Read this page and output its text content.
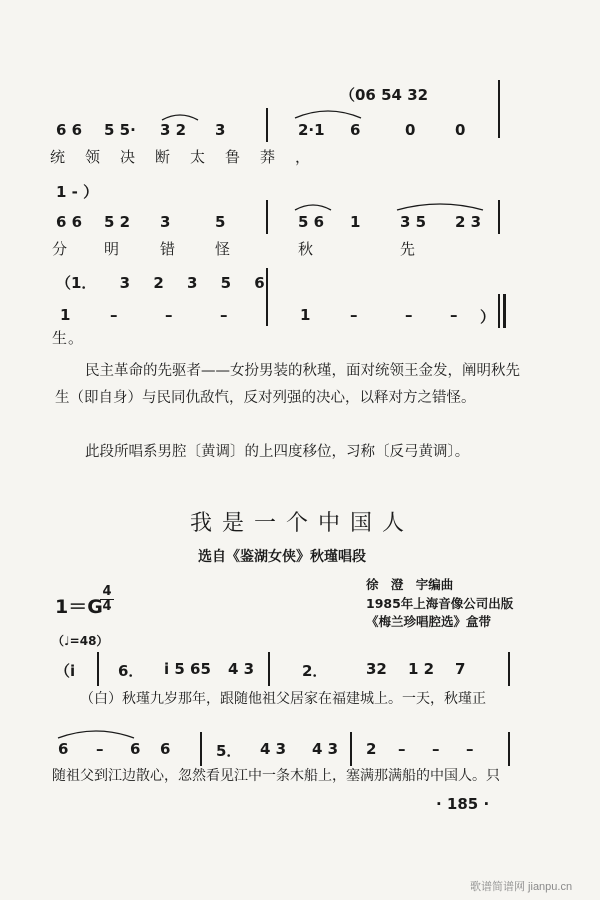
（06 54 32
6 6 5 5· 3 2 3	2·1 6	0	0
统领决断太鲁莽，
1 - ）
6 6 5 2 3	5	5 6 1	3 5 2 3
分 明	错	怪	秋	先
（1． 3 2 3 5 6
1	–	–	–	1	–	–	– ）
生。
民主革命的先驱者——女扮男装的秋瑾，面对统领王金发，阐明秋先生（即自身）与民同仇敌忾，反对列强的决心，以释对方之错怪。
此段所唱系男腔〔黄调〕的上四度移位，习称〔反弓黄调〕。
我是一个中国人
选自《鉴湖女侠》秋瑾唱段
徐 澄 宇编曲
1985年上海音像公司出版
《梅兰珍唱腔选》盒带
1＝G
4
4
（♩=48）
（i	6． i 5 65 4 3	2．	32 1 2 7
（白）秋瑾九岁那年，跟随他祖父居家在福建城上。一天，秋瑾正
6 – 6 6	5． 4 3 4 3 2 – – –
随祖父到江边散心，忽然看见江中一条木船上，塞满那满船的中国人。只
· 185 ·
歌谱简谱网 jianpu.cn
